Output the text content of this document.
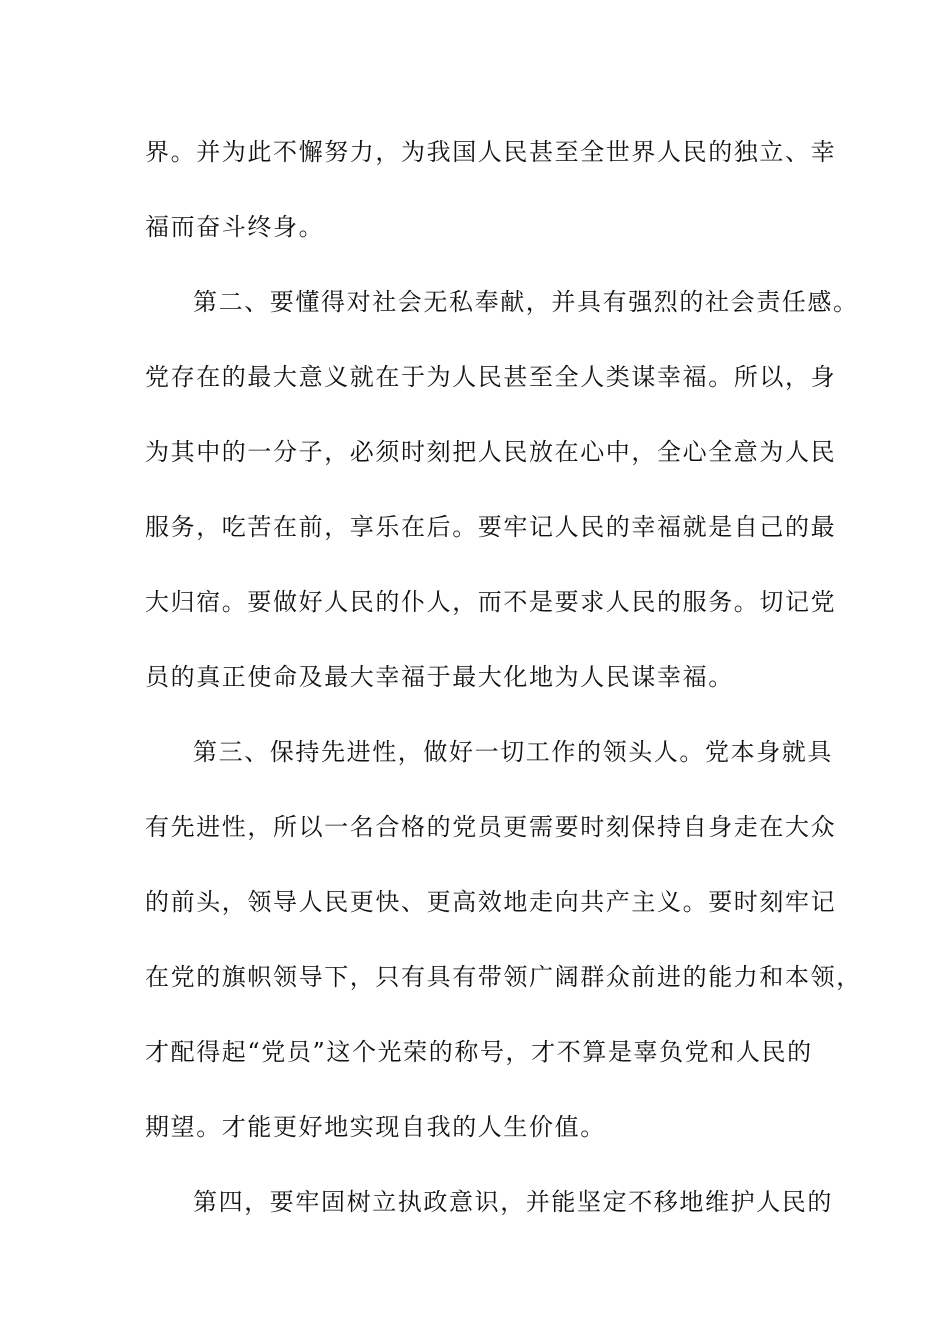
界。并为此不懈努力，为我国人民甚至全世界人民的独立、幸
福而奋斗终身。
第二、要懂得对社会无私奉献，并具有强烈的社会责任感。
党存在的最大意义就在于为人民甚至全人类谋幸福。所以，身
为其中的一分子，必须时刻把人民放在心中，全心全意为人民
服务，吃苦在前，享乐在后。要牢记人民的幸福就是自己的最
大归宿。要做好人民的仆人，而不是要求人民的服务。切记党
员的真正使命及最大幸福于最大化地为人民谋幸福。
第三、保持先进性，做好一切工作的领头人。党本身就具
有先进性，所以一名合格的党员更需要时刻保持自身走在大众
的前头，领导人民更快、更高效地走向共产主义。要时刻牢记
在党的旗帜领导下，只有具有带领广阔群众前进的能力和本领，
才配得起“党员”这个光荣的称号，才不算是辜负党和人民的
期望。才能更好地实现自我的人生价值。
第四，要牢固树立执政意识，并能坚定不移地维护人民的
